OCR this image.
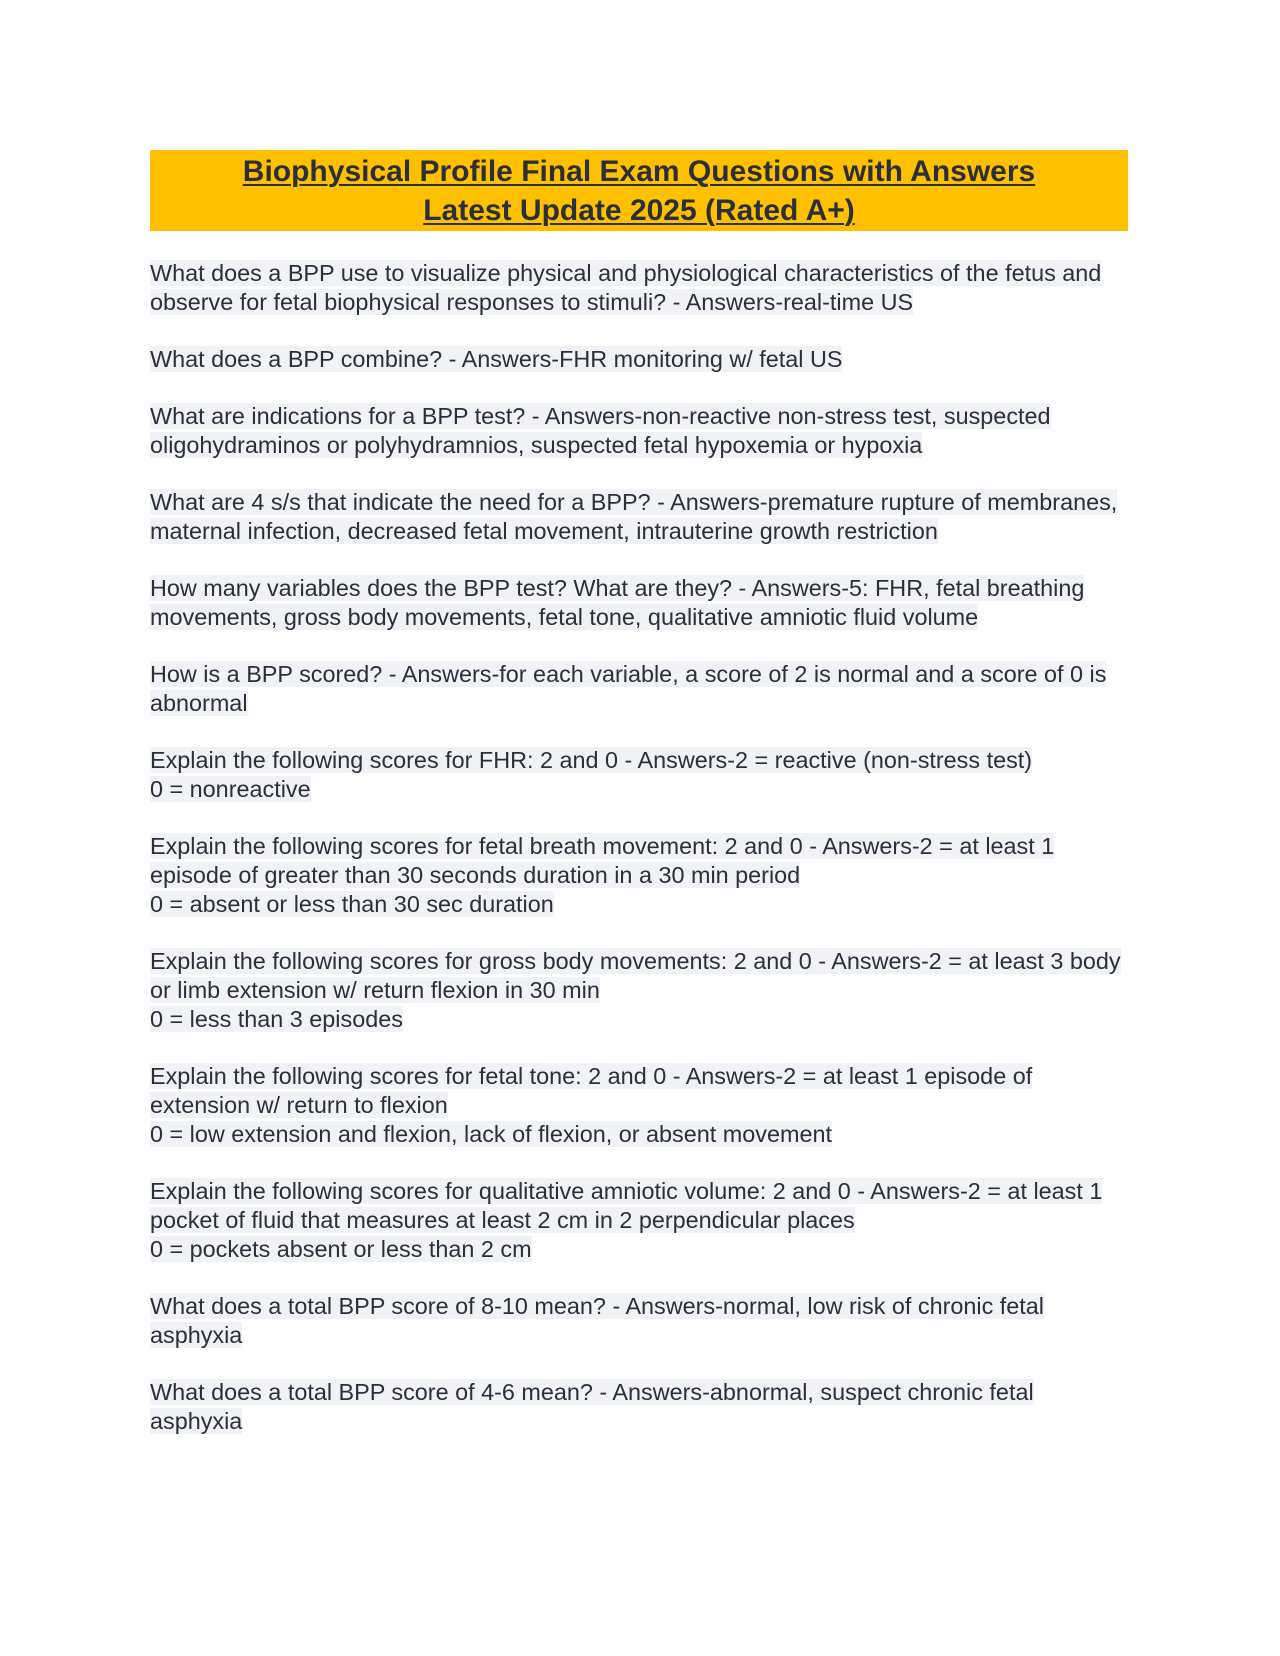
Biophysical Profile Final Exam Questions with Answers
Latest Update 2025 (Rated A+)
What does a BPP use to visualize physical and physiological characteristics of the fetus and observe for fetal biophysical responses to stimuli? - Answers-real-time US
What does a BPP combine? - Answers-FHR monitoring w/ fetal US
What are indications for a BPP test? - Answers-non-reactive non-stress test, suspected oligohydraminos or polyhydramnios, suspected fetal hypoxemia or hypoxia
What are 4 s/s that indicate the need for a BPP? - Answers-premature rupture of membranes, maternal infection, decreased fetal movement, intrauterine growth restriction
How many variables does the BPP test? What are they? - Answers-5: FHR, fetal breathing movements, gross body movements, fetal tone, qualitative amniotic fluid volume
How is a BPP scored? - Answers-for each variable, a score of 2 is normal and a score of 0 is abnormal
Explain the following scores for FHR: 2 and 0 - Answers-2 = reactive (non-stress test)
0 = nonreactive
Explain the following scores for fetal breath movement: 2 and 0 - Answers-2 = at least 1 episode of greater than 30 seconds duration in a 30 min period
0 = absent or less than 30 sec duration
Explain the following scores for gross body movements: 2 and 0 - Answers-2 = at least 3 body or limb extension w/ return flexion in 30 min
0 = less than 3 episodes
Explain the following scores for fetal tone: 2 and 0 - Answers-2 = at least 1 episode of extension w/ return to flexion
0 = low extension and flexion, lack of flexion, or absent movement
Explain the following scores for qualitative amniotic volume: 2 and 0 - Answers-2 = at least 1 pocket of fluid that measures at least 2 cm in 2 perpendicular places
0 = pockets absent or less than 2 cm
What does a total BPP score of 8-10 mean? - Answers-normal, low risk of chronic fetal asphyxia
What does a total BPP score of 4-6 mean? - Answers-abnormal, suspect chronic fetal asphyxia
